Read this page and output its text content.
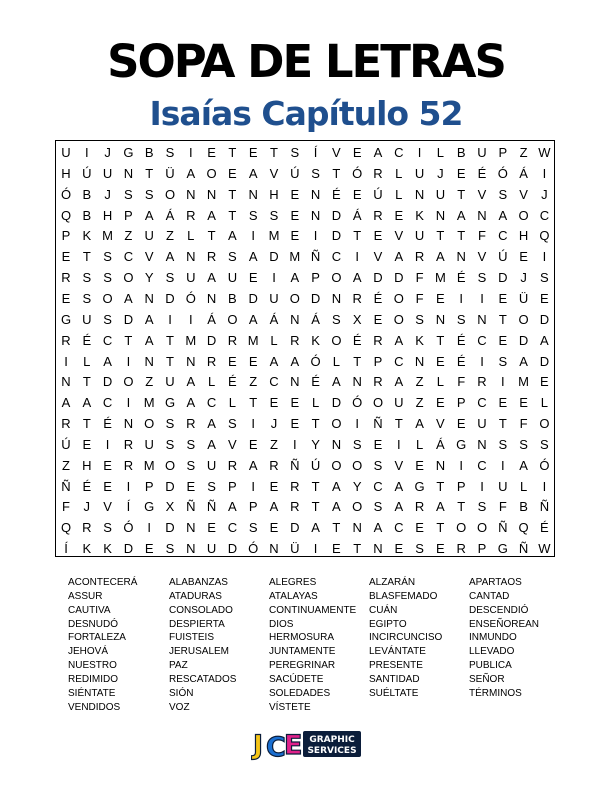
SOPA DE LETRAS
Isaías Capítulo 52
U	I	J G B S	I	E T E T S	Í	V E A C	I	L B U P Z W
H Ú U N T Ü A O E A V Ú S T Ó R L U J	E É Ó Á	I
Ó B	J	S S O N N T N H E N É E Ú L N U T V S V	J
Q B H P A Á R A T S S E N D Á R E K N A N A O C
P K M Z U Z	L	T A	I	M E	I	D T E V U T T F C H Q
E T S C V A N R S A D M Ñ C	I	V A R A N V Ú E	I
R S S O Y S U A U E	I	A P O A D D F M É S D J	S
E S O A N D Ó N B D U O D N R É O F E	I	I	E Ü E
G U S D A	I	I	Á O A Á N Á S X E O S N S N T O D
R É C T A T M D R M L R K O É R A K T É C E D A
I	L A	I	N T N R E E A A Ó L	T P C N E É	I	S A D
N T D O Z U A L É Z C N É A N R A Z	L	F R	I	M E
A A C	I	M G A C L	T E E L D Ó O U Z E P C E E L
R T É N O S R A S	I	J	E T O	I	Ñ T A V E U T F O
Ú E	I	R U S S A V E Z	I	Y N S E	I	L Á G N S S S
Z H E R M O S U R A R Ñ Ú O O S V E N	I	C	I	A Ó
Ñ É E	I	P D E S P	I	E R T A Y C A G T P	I	U L	I
F	J	V	Í	G X Ñ Ñ A P A R T A O S A R A T S F B Ñ
Q R S Ó	I	D N E C S E D A T N A C E T O O Ñ Q É
Í	K K D E S N U D Ó N Ü	I	E T N E S E R P G Ñ W
ACONTECERÁ
ASSUR
CAUTIVA
DESNUDÓ
FORTALEZA
JEHOVÁ
NUESTRO
REDIMIDO
SIÉNTATE
VENDIDOS
ALABANZAS
ATADURAS
CONSOLADO
DESPIERTA
FUISTEIS
JERUSALEM
PAZ
RESCATADOS
SIÓN
VOZ
ALEGRES
ATALAYAS
CONTINUAMENTE
DIOS
HERMOSURA
JUNTAMENTE
PEREGRINAR
SACÚDETE
SOLEDADES
VÍSTETE
ALZARÁN
BLASFEMADO
CUÁN
EGIPTO
INCIRCUNCISO
LEVÁNTATE
PRESENTE
SANTIDAD
SUÉLTATE
APARTAOS
CANTAD
DESCENDIÓ
ENSEÑOREAN
INMUNDO
LLEVADO
PUBLICA
SEÑOR
TÉRMINOS
J C E GRAPHIC
SERVICES
